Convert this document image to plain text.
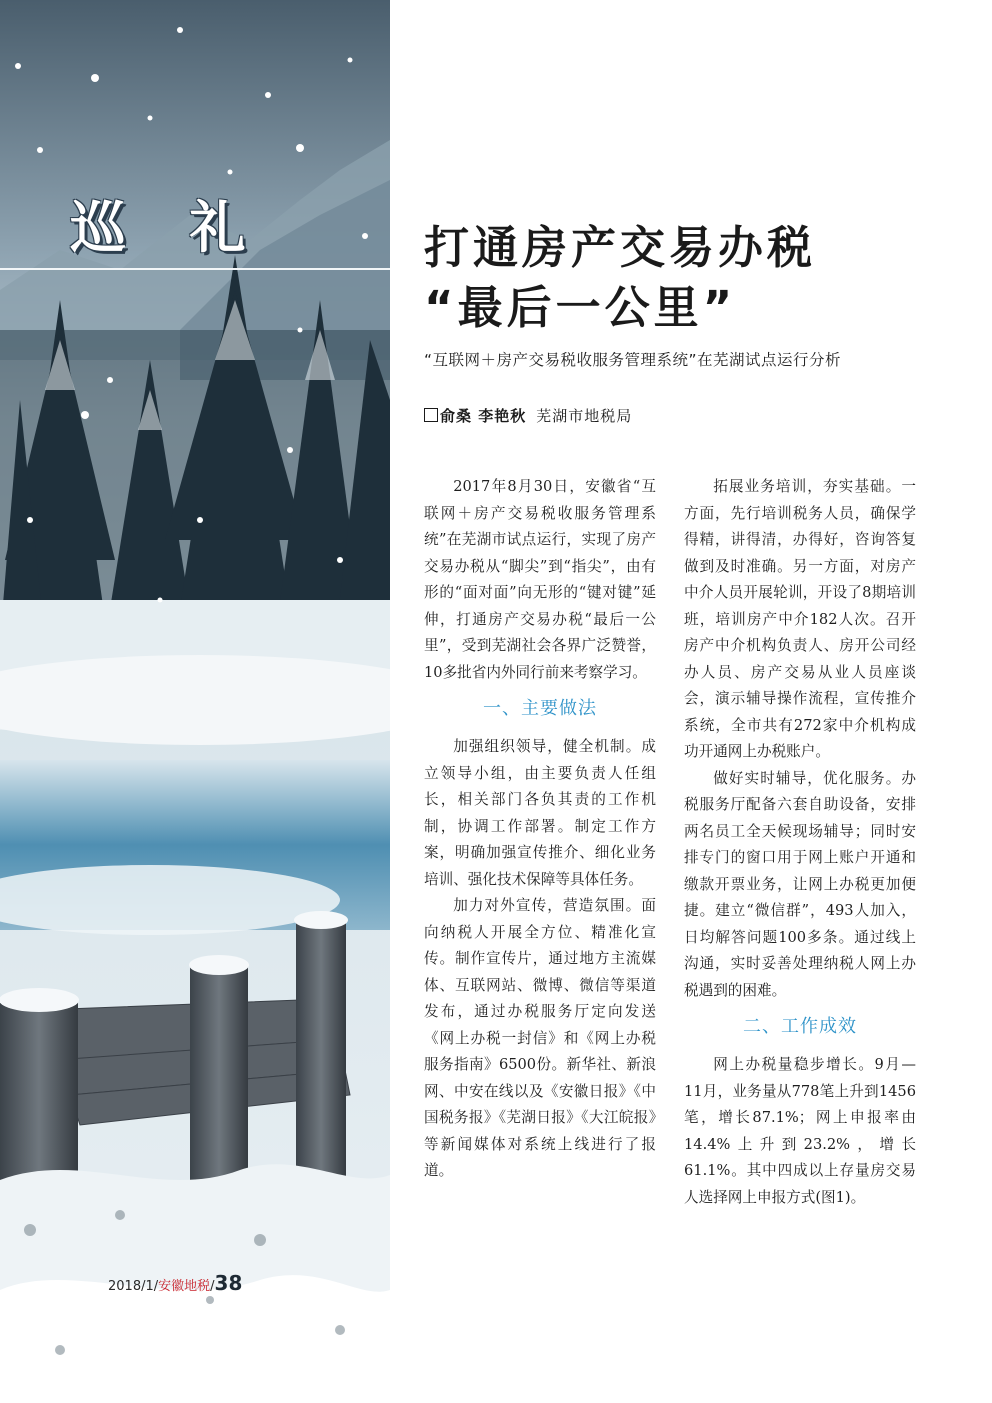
巡 礼
2018/1/安徽地税/38
打通房产交易办税
“最后一公里”
“互联网＋房产交易税收服务管理系统”在芜湖试点运行分析
俞桑 李艳秋 芜湖市地税局

2017年8月30日，安徽省“互联网＋房产交易税收服务管理系统”在芜湖市试点运行，实现了房产交易办税从“脚尖”到“指尖”，由有形的“面对面”向无形的“键对键”延伸，打通房产交易办税“最后一公里”，受到芜湖社会各界广泛赞誉，10多批省内外同行前来考察学习。

一、主要做法

加强组织领导，健全机制。成立领导小组，由主要负责人任组长，相关部门各负其责的工作机制，协调工作部署。制定工作方案，明确加强宣传推介、细化业务培训、强化技术保障等具体任务。

加力对外宣传，营造氛围。面向纳税人开展全方位、精准化宣传。制作宣传片，通过地方主流媒体、互联网站、微博、微信等渠道发布，通过办税服务厅定向发送《网上办税一封信》和《网上办税服务指南》6500份。新华社、新浪网、中安在线以及《安徽日报》《中国税务报》《芜湖日报》《大江皖报》等新闻媒体对系统上线进行了报道。

拓展业务培训，夯实基础。一方面，先行培训税务人员，确保学得精，讲得清，办得好，咨询答复做到及时准确。另一方面，对房产中介人员开展轮训，开设了8期培训班，培训房产中介182人次。召开房产中介机构负责人、房开公司经办人员、房产交易从业人员座谈会，演示辅导操作流程，宣传推介系统，全市共有272家中介机构成功开通网上办税账户。

做好实时辅导，优化服务。办税服务厅配备六套自助设备，安排两名员工全天候现场辅导；同时安排专门的窗口用于网上账户开通和缴款开票业务，让网上办税更加便捷。建立“微信群”，493人加入，日均解答问题100多条。通过线上沟通，实时妥善处理纳税人网上办税遇到的困难。

二、工作成效

网上办税量稳步增长。9月—11月，业务量从778笔上升到1456笔，增长87.1%；网上申报率由14.4%上升到23.2%，增长61.1%。其中四成以上存量房交易人选择网上申报方式(图1)。
